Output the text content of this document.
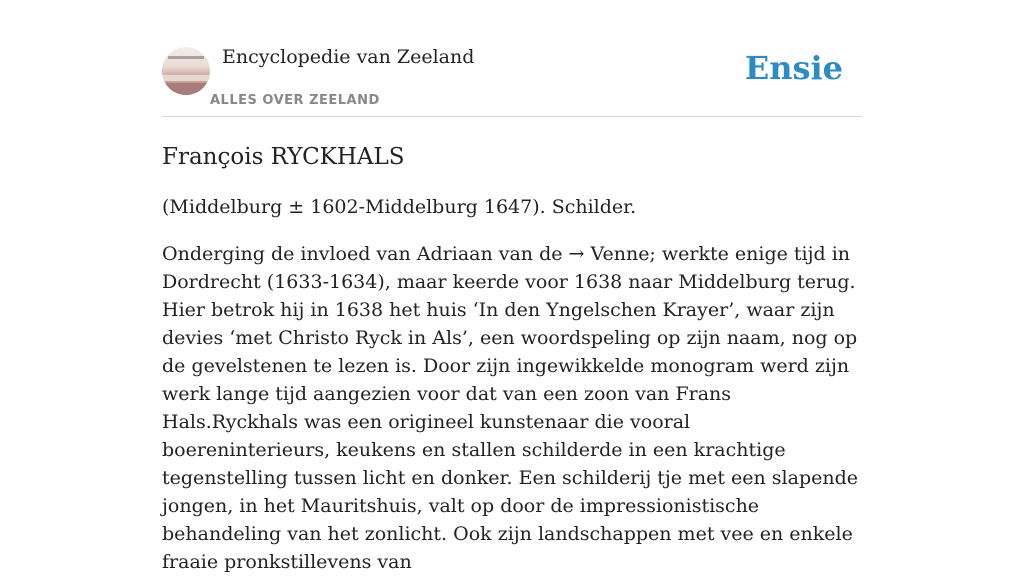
Encyclopedie van Zeeland
ALLES OVER ZEELAND
Ensie
François RYCKHALS

(Middelburg ± 1602-Middelburg 1647). Schilder.

Onderging de invloed van Adriaan van de → Venne; werkte enige tijd in Dordrecht (1633-1634), maar keerde voor 1638 naar Middelburg terug. Hier betrok hij in 1638 het huis ‘In den Yngelschen Krayer’, waar zijn devies ‘met Christo Ryck in Als’, een woordspeling op zijn naam, nog op de gevelstenen te lezen is. Door zijn ingewikkelde monogram werd zijn werk lange tijd aangezien voor dat van een zoon van Frans Hals.Ryckhals was een origineel kunstenaar die vooral boereninterieurs, keukens en stallen schilderde in een krachtige tegenstelling tussen licht en donker. Een schilderij tje met een slapende jongen, in het Mauritshuis, valt op door de impressionistische behandeling van het zonlicht. Ook zijn landschappen met vee en enkele fraaie pronkstillevens van
